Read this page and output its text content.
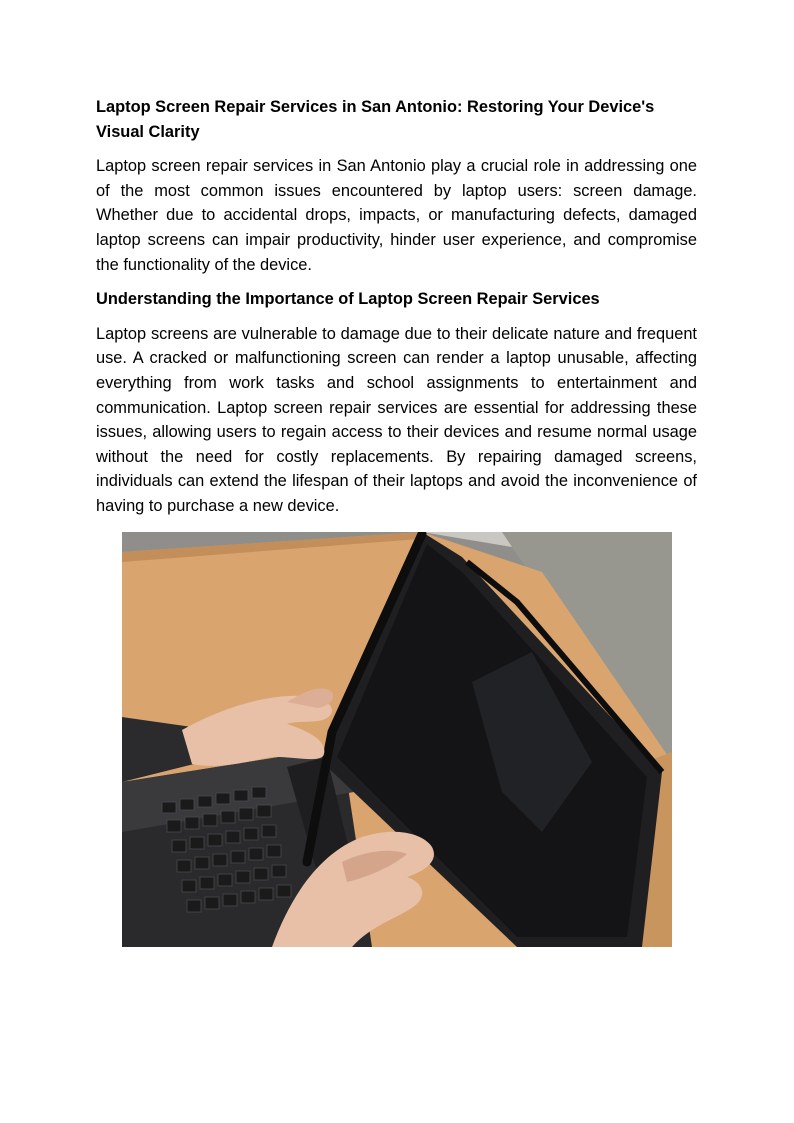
Laptop Screen Repair Services in San Antonio: Restoring Your Device's Visual Clarity

Laptop screen repair services in San Antonio play a crucial role in addressing one of the most common issues encountered by laptop users: screen damage. Whether due to accidental drops, impacts, or manufacturing defects, damaged laptop screens can impair productivity, hinder user experience, and compromise the functionality of the device.

Understanding the Importance of Laptop Screen Repair Services

Laptop screens are vulnerable to damage due to their delicate nature and frequent use. A cracked or malfunctioning screen can render a laptop unusable, affecting everything from work tasks and school assignments to entertainment and communication. Laptop screen repair services are essential for addressing these issues, allowing users to regain access to their devices and resume normal usage without the need for costly replacements. By repairing damaged screens, individuals can extend the lifespan of their laptops and avoid the inconvenience of having to purchase a new device.
